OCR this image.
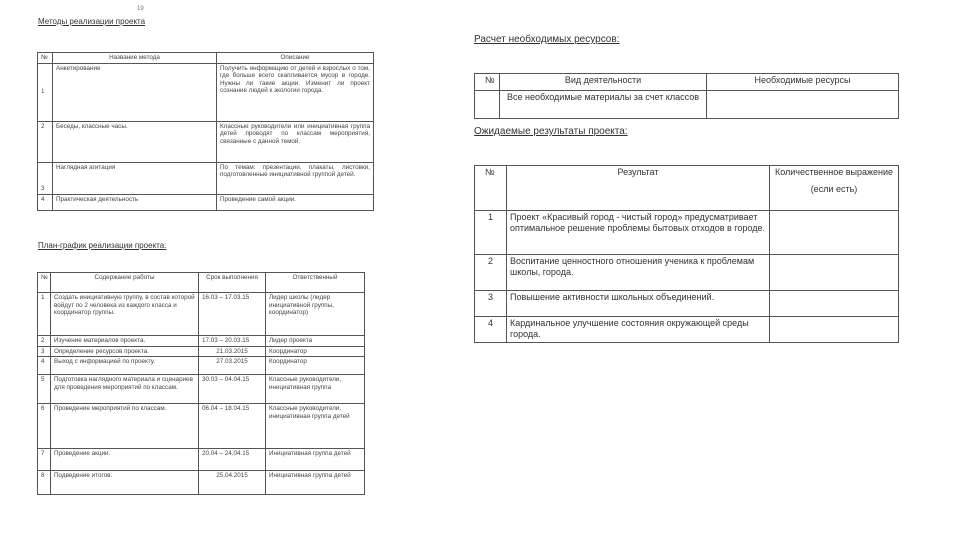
19
Методы реализации проекта
№	Название метода	Описание
1	Анкетирование	Получить информацию от детей и взрослых о том, где больше всего скапливается мусор в городе. Нужны ли такие акции. Изменит ли проект сознание людей к экологии города.
2	Беседы, классные часы.	Классные руководители или инициативная группа детей проводят по классам мероприятия, связанные с данной темой.
3	Наглядная агитация	По темам: презентации, плакаты, листовки, подготовленные инициативной группой детей.
4	Практическая деятельность	Проведение самой акции.
План-график реализации проекта:
№	Содержание работы	Срок выполнения	Ответственный
1	Создать инициативную группу, в состав которой войдут по 2 человека из каждого класса и координатор группы.	16.03 – 17.03.15	Лидер школы (лидер инициативной группы, координатор)
2	Изучение материалов проекта.	17.03 – 20.03.15	Лидер проекта
3	Определение ресурсов проекта.	21.03.2015	Координатор
4	Выход с информацией по проекту.	27.03.2015	Координатор
5	Подготовка наглядного материала и сценариев для проведения мероприятий по классам.	30.03 – 04.04.15	Классные руководители, инициативная группа
6	Проведение мероприятий по классам.	06.04 – 18.04.15	Классные руководители, инициативная группа детей
7	Проведение акции.	20.04 – 24.04.15	Инициативная группа детей
8	Подведение итогов.	25.04.2015	Инициативная группа детей
Расчет необходимых ресурсов:
№	Вид деятельности	Необходимые ресурсы
	Все необходимые материалы за счет классов	
Ожидаемые результаты проекта:
№	Результат	Количественное выражение
(если есть)

1	Проект «Красивый город - чистый город» предусматривает оптимальное решение проблемы бытовых отходов в городе.	
2	Воспитание ценностного отношения ученика к проблемам школы, города.	
3	Повышение активности школьных объединений.	
4	Кардинальное улучшение состояния окружающей среды города.	
